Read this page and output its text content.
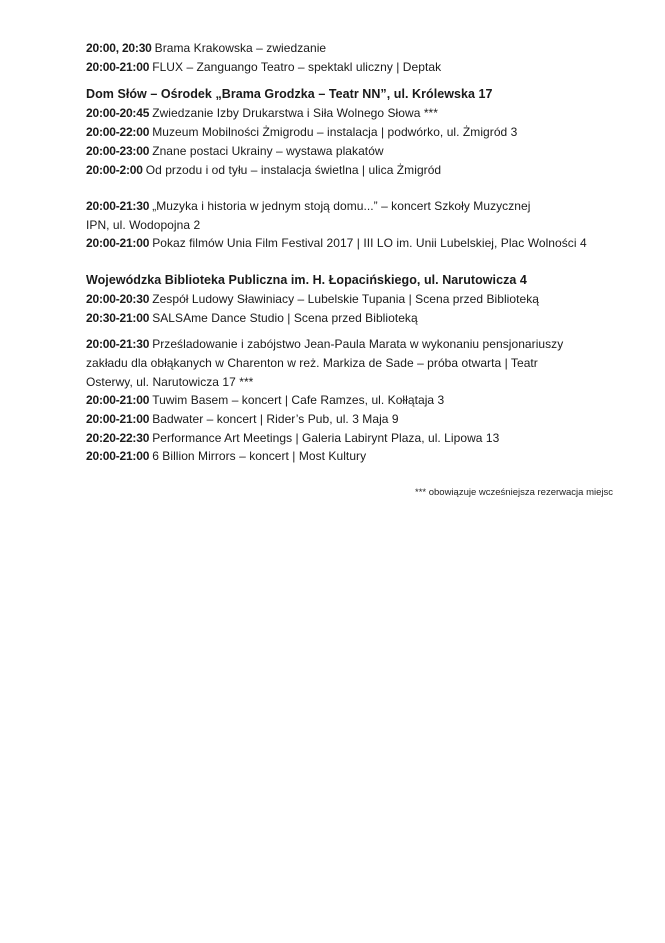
20:00, 20:30 Brama Krakowska – zwiedzanie
20:00-21:00 FLUX – Zanguango Teatro – spektakl uliczny | Deptak
Dom Słów – Ośrodek „Brama Grodzka – Teatr NN”, ul. Królewska 17
20:00-20:45 Zwiedzanie Izby Drukarstwa i Siła Wolnego Słowa ***
20:00-22:00 Muzeum Mobilności Żmigrodu – instalacja | podwórko, ul. Żmigród 3
20:00-23:00 Znane postaci Ukrainy – wystawa plakatów
20:00-2:00 Od przodu i od tyłu – instalacja świetlna | ulica Żmigród
20:00-21:30 „Muzyka i historia w jednym stoją domu...” – koncert Szkoły Muzycznej
IPN, ul. Wodopojna 2
20:00-21:00 Pokaz filmów Unia Film Festival 2017 | III LO im. Unii Lubelskiej, Plac Wolności 4
Wojewódzka Biblioteka Publiczna im. H. Łopacińskiego, ul. Narutowicza 4
20:00-20:30 Zespół Ludowy Sławiniacy – Lubelskie Tupania | Scena przed Biblioteką
20:30-21:00 SALSAme Dance Studio | Scena przed Biblioteką
20:00-21:30 Prześladowanie i zabójstwo Jean-Paula Marata w wykonaniu pensjonariuszy
zakładu dla obłąkanych w Charenton w reż. Markiza de Sade – próba otwarta | Teatr
Osterwy, ul. Narutowicza 17 ***
20:00-21:00 Tuwim Basem – koncert | Cafe Ramzes, ul. Kołłątaja 3
20:00-21:00 Badwater – koncert | Rider’s Pub, ul. 3 Maja 9
20:20-22:30 Performance Art Meetings | Galeria Labirynt Plaza, ul. Lipowa 13
20:00-21:00 6 Billion Mirrors – koncert | Most Kultury
*** obowiązuje wcześniejsza rezerwacja miejsc
